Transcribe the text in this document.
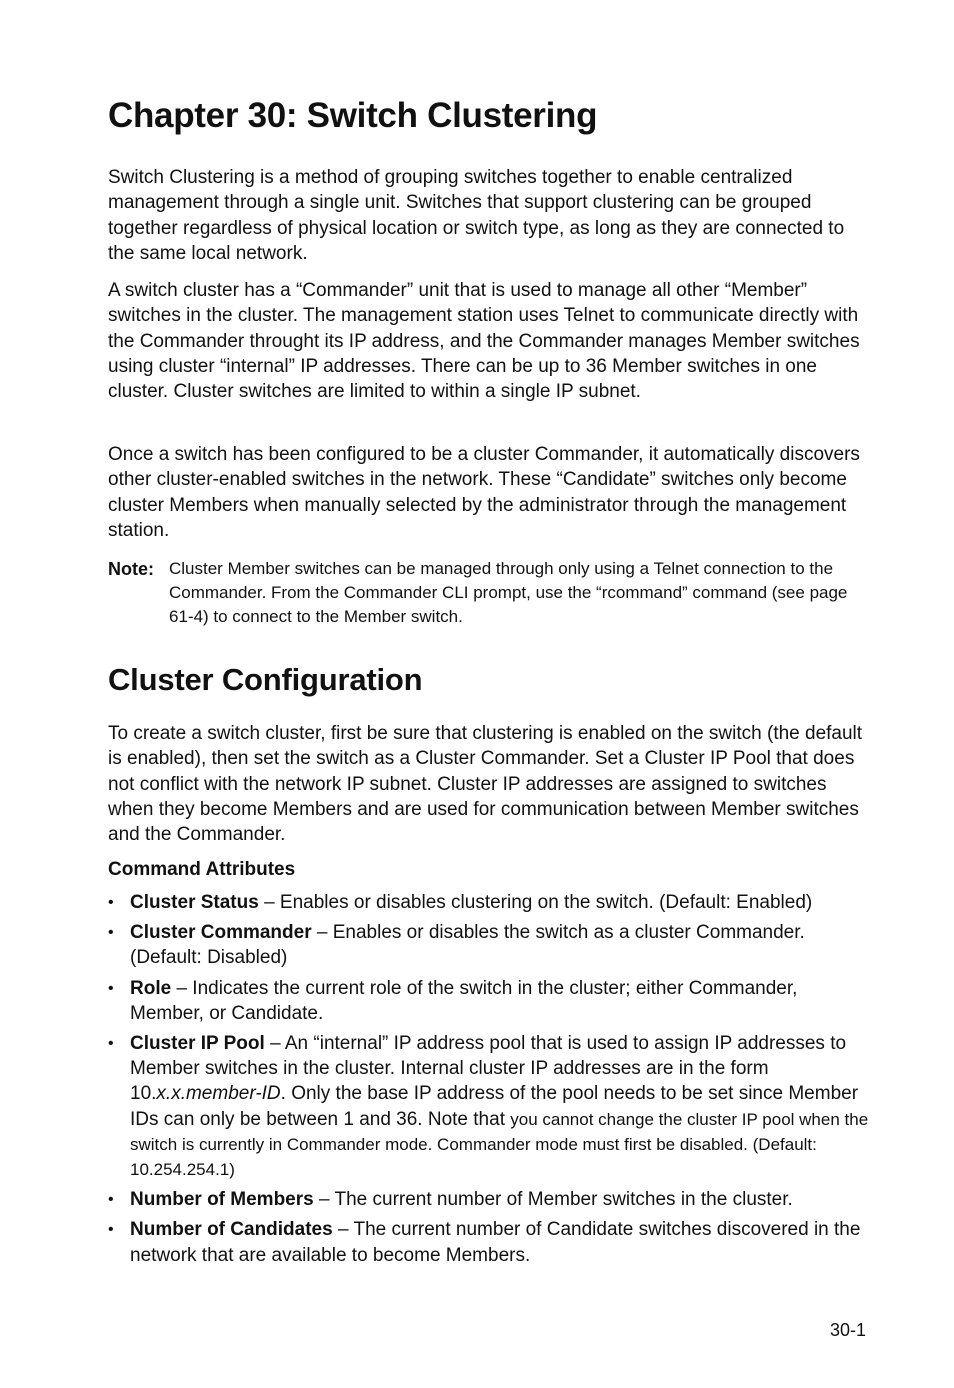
Chapter 30: Switch Clustering

Switch Clustering is a method of grouping switches together to enable centralized management through a single unit. Switches that support clustering can be grouped together regardless of physical location or switch type, as long as they are connected to the same local network.

A switch cluster has a “Commander” unit that is used to manage all other “Member” switches in the cluster. The management station uses Telnet to communicate directly with the Commander throught its IP address, and the Commander manages Member switches using cluster “internal” IP addresses. There can be up to 36 Member switches in one cluster. Cluster switches are limited to within a single IP subnet.

Once a switch has been configured to be a cluster Commander, it automatically discovers other cluster-enabled switches in the network. These “Candidate” switches only become cluster Members when manually selected by the administrator through the management station.

Note: Cluster Member switches can be managed through only using a Telnet connection to the Commander. From the Commander CLI prompt, use the “rcommand” command (see page 61-4) to connect to the Member switch.
Cluster Configuration

To create a switch cluster, first be sure that clustering is enabled on the switch (the default is enabled), then set the switch as a Cluster Commander. Set a Cluster IP Pool that does not conflict with the network IP subnet. Cluster IP addresses are assigned to switches when they become Members and are used for communication between Member switches and the Commander.

Command Attributes
• Cluster Status – Enables or disables clustering on the switch. (Default: Enabled)
• Cluster Commander – Enables or disables the switch as a cluster Commander. (Default: Disabled)
• Role – Indicates the current role of the switch in the cluster; either Commander, Member, or Candidate.
• Cluster IP Pool – An “internal” IP address pool that is used to assign IP addresses to Member switches in the cluster. Internal cluster IP addresses are in the form 10.x.x.member-ID. Only the base IP address of the pool needs to be set since Member IDs can only be between 1 and 36. Note that you cannot change the cluster IP pool when the switch is currently in Commander mode. Commander mode must first be disabled. (Default: 10.254.254.1)
• Number of Members – The current number of Member switches in the cluster.
• Number of Candidates – The current number of Candidate switches discovered in the network that are available to become Members.
30-1
